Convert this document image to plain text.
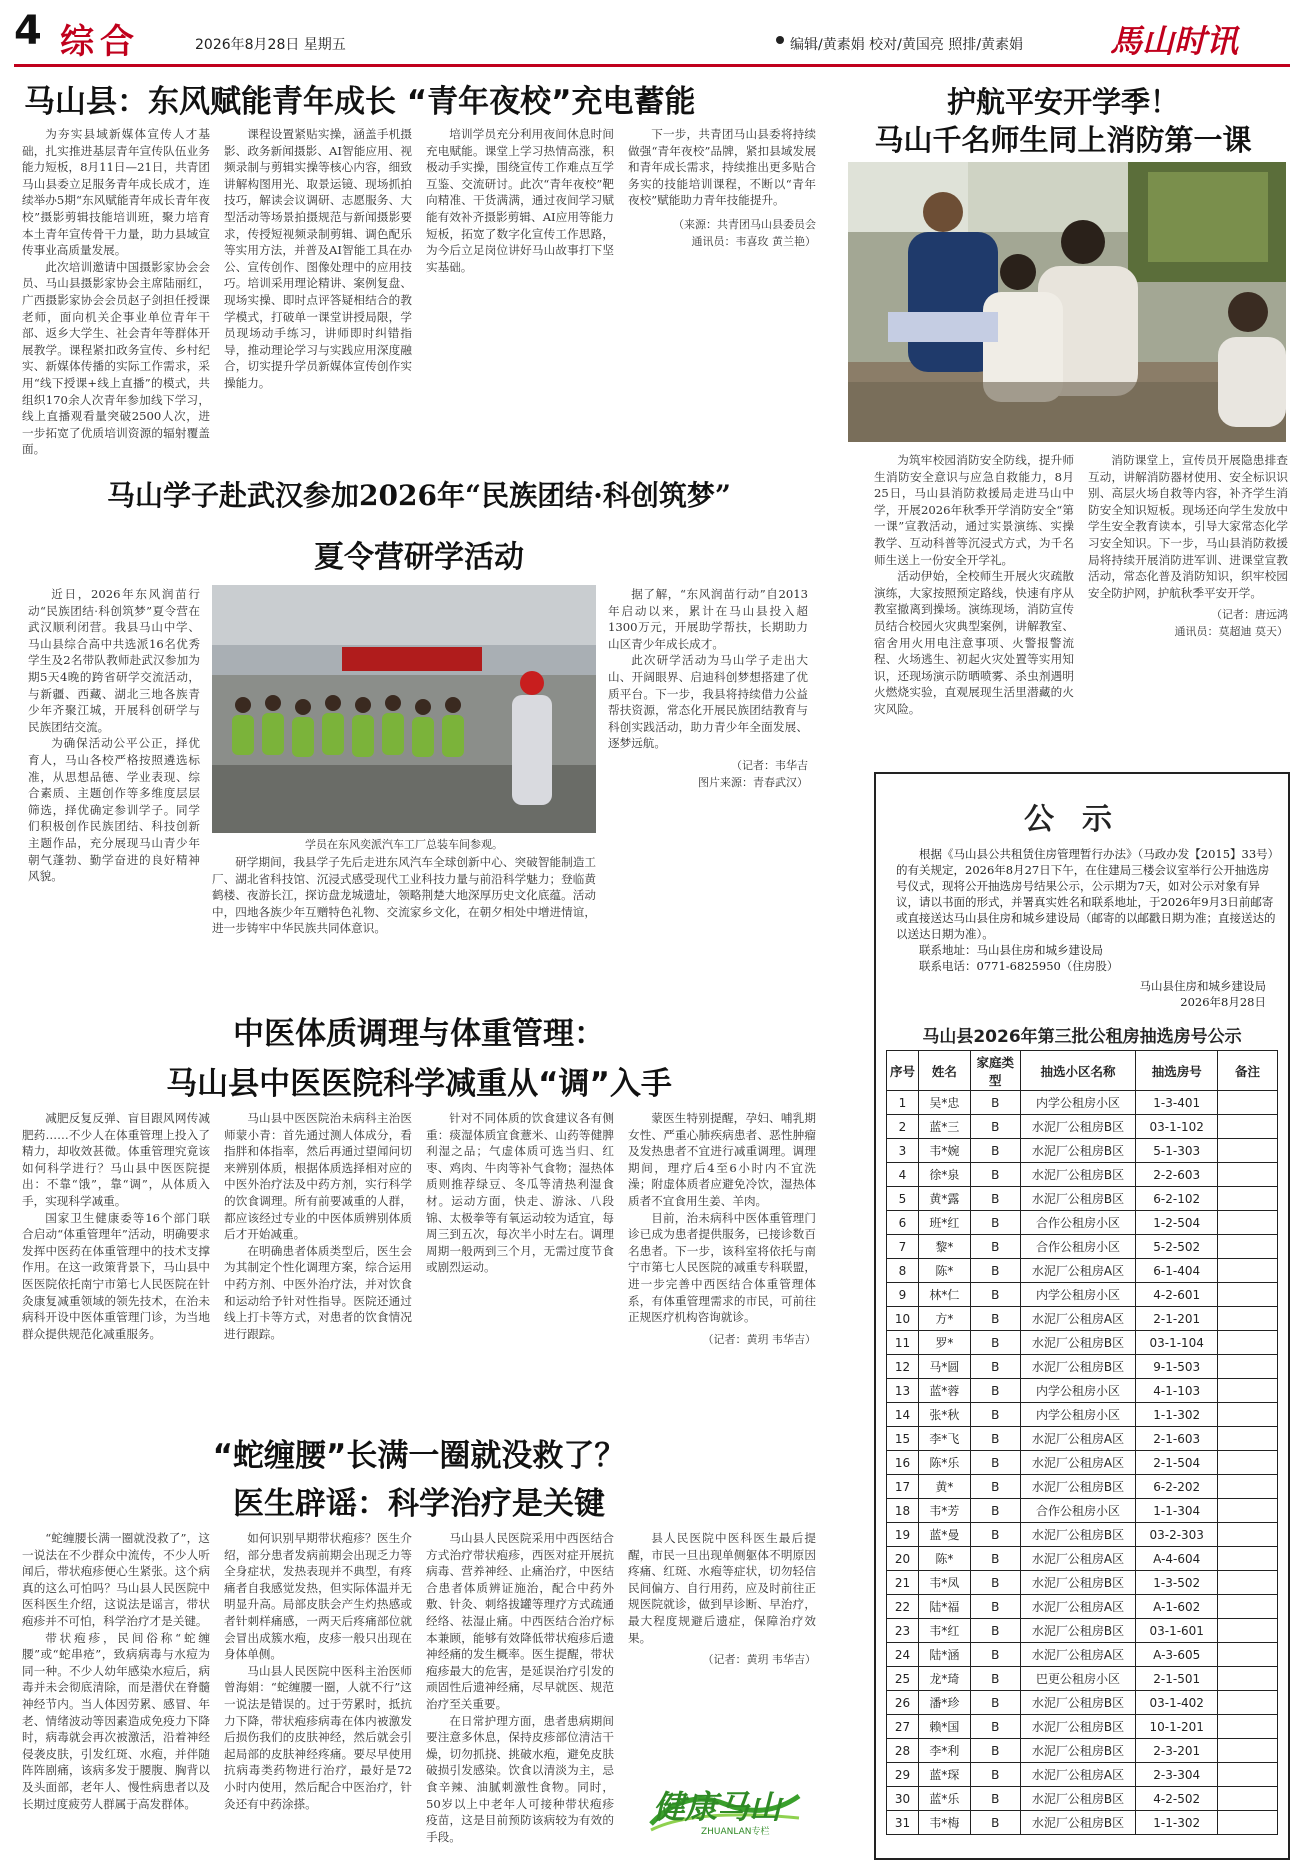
4 综合	2026年8月28日 星期五	编辑/黄素娟 校对/黄国亮 照排/黄素娟	馬山时讯
马山县：东风赋能青年成长 “青年夜校”充电蓄能

为夯实县域新媒体宣传人才基础，扎实推进基层青年宣传队伍业务能力短板，8月11日—21日，共青团马山县委立足服务青年成长成才，连续举办5期“东风赋能青年成长青年夜校”摄影剪辑技能培训班，聚力培育本土青年宣传骨干力量，助力县域宣传事业高质量发展。

此次培训邀请中国摄影家协会会员、马山县摄影家协会主席陆丽红，广西摄影家协会会员赵子剑担任授课老师，面向机关企事业单位青年干部、返乡大学生、社会青年等群体开展教学。课程紧扣政务宣传、乡村纪实、新媒体传播的实际工作需求，采用“线下授课+线上直播”的模式，共组织170余人次青年参加线下学习，线上直播观看量突破2500人次，进一步拓宽了优质培训资源的辐射覆盖面。

课程设置紧贴实操，涵盖手机摄影、政务新闻摄影、AI智能应用、视频录制与剪辑实操等核心内容，细致讲解构图用光、取景运镜、现场抓拍技巧，解读会议调研、志愿服务、大型活动等场景拍摄规范与新闻摄影要求，传授短视频录制剪辑、调色配乐等实用方法，并普及AI智能工具在办公、宣传创作、图像处理中的应用技巧。培训采用理论精讲、案例复盘、现场实操、即时点评答疑相结合的教学模式，打破单一课堂讲授局限，学员现场动手练习，讲师即时纠错指导，推动理论学习与实践应用深度融合，切实提升学员新媒体宣传创作实操能力。

培训学员充分利用夜间休息时间充电赋能。课堂上学习热情高涨，积极动手实操，围绕宣传工作难点互学互鉴、交流研讨。此次“青年夜校”靶向精准、干货满满，通过夜间学习赋能有效补齐摄影剪辑、AI应用等能力短板，拓宽了数字化宣传工作思路，为今后立足岗位讲好马山故事打下坚实基础。

下一步，共青团马山县委将持续做强“青年夜校”品牌，紧扣县域发展和青年成长需求，持续推出更多贴合务实的技能培训课程，不断以“青年夜校”赋能助力青年技能提升。

（来源：共青团马山县委员会
通讯员：韦喜玫 黄兰艳）
护航平安开学季！
马山千名师生同上消防第一课

为筑牢校园消防安全防线，提升师生消防安全意识与应急自救能力，8月25日，马山县消防救援局走进马山中学，开展2026年秋季开学消防安全“第一课”宣教活动，通过实景演练、实操教学、互动科普等沉浸式方式，为千名师生送上一份安全开学礼。

活动伊始，全校师生开展火灾疏散演练，大家按照预定路线，快速有序从教室撤离到操场。演练现场，消防宣传员结合校园火灾典型案例，讲解教室、宿舍用火用电注意事项、火警报警流程、火场逃生、初起火灾处置等实用知识，还现场演示防晒喷雾、杀虫剂遇明火燃烧实验，直观展现生活里潜藏的火灾风险。

消防课堂上，宣传员开展隐患排查互动，讲解消防器材使用、安全标识识别、高层火场自救等内容，补齐学生消防安全知识短板。现场还向学生发放中学生安全教育读本，引导大家常态化学习安全知识。下一步，马山县消防救援局将持续开展消防进军训、进课堂宣教活动，常态化普及消防知识，织牢校园安全防护网，护航秋季平安开学。

（记者：唐远鸿
通讯员：莫超迪 莫天）
马山学子赴武汉参加2026年“民族团结·科创筑梦”
夏令营研学活动
学员在东风奕派汽车工厂总装车间参观。

近日，2026年东风润苗行动“民族团结·科创筑梦”夏令营在武汉顺利闭营。我县马山中学、马山县综合高中共选派16名优秀学生及2名带队教师赴武汉参加为期5天4晚的跨省研学交流活动，与新疆、西藏、湖北三地各族青少年齐聚江城，开展科创研学与民族团结交流。

为确保活动公平公正，择优育人，马山各校严格按照遴选标准，从思想品德、学业表现、综合素质、主题创作等多维度层层筛选，择优确定参训学子。同学们积极创作民族团结、科技创新主题作品，充分展现马山青少年朝气蓬勃、勤学奋进的良好精神风貌。

研学期间，我县学子先后走进东风汽车全球创新中心、突破智能制造工厂、湖北省科技馆、沉浸式感受现代工业科技力量与前沿科学魅力；登临黄鹤楼、夜游长江，探访盘龙城遗址，领略荆楚大地深厚历史文化底蕴。活动中，四地各族少年互赠特色礼物、交流家乡文化，在朝夕相处中增进情谊，进一步铸牢中华民族共同体意识。

据了解，“东风润苗行动”自2013年启动以来，累计在马山县投入超1300万元，开展助学帮扶，长期助力山区青少年成长成才。

此次研学活动为马山学子走出大山、开阔眼界、启迪科创梦想搭建了优质平台。下一步，我县将持续借力公益帮扶资源，常态化开展民族团结教育与科创实践活动，助力青少年全面发展、逐梦远航。

（记者：韦华吉
图片来源：青春武汉）
中医体质调理与体重管理：
马山县中医医院科学减重从“调”入手

减肥反复反弹、盲目跟风网传减肥药……不少人在体重管理上投入了精力，却收效甚微。体重管理究竟该如何科学进行？马山县中医医院提出：不靠“饿”，靠“调”，从体质入手，实现科学减重。

国家卫生健康委等16个部门联合启动“体重管理年”活动，明确要求发挥中医药在体重管理中的技术支撑作用。在这一政策背景下，马山县中医医院依托南宁市第七人民医院在针灸康复减重领域的领先技术，在治未病科开设中医体重管理门诊，为当地群众提供规范化减重服务。

马山县中医医院治未病科主治医师蒙小青：首先通过测人体成分，看指胖和体指率，然后再通过望闻问切来辨别体质，根据体质选择相对应的中医外治疗法及中药方剂，实行科学的饮食调理。所有前要减重的人群，都应该经过专业的中医体质辨别体质后才开始减重。

在明确患者体质类型后，医生会为其制定个性化调理方案，综合运用中药方剂、中医外治疗法，并对饮食和运动给予针对性指导。医院还通过线上打卡等方式，对患者的饮食情况进行跟踪。

针对不同体质的饮食建议各有侧重：痰湿体质宜食薏米、山药等健脾利湿之品；气虚体质可选当归、红枣、鸡肉、牛肉等补气食物；湿热体质则推荐绿豆、冬瓜等清热利湿食材。运动方面，快走、游泳、八段锦、太极拳等有氧运动较为适宜，每周三到五次，每次半小时左右。调理周期一般两到三个月，无需过度节食或剧烈运动。

蒙医生特别提醒，孕妇、哺乳期女性、严重心肺疾病患者、恶性肿瘤及发热患者不宜进行减重调理。调理期间，理疗后4至6小时内不宜洗澡；附虚体质者应避免冷饮，湿热体质者不宜食用生姜、羊肉。

目前，治未病科中医体重管理门诊已成为患者提供服务，已接诊数百名患者。下一步，该科室将依托与南宁市第七人民医院的减重专科联盟，进一步完善中西医结合体重管理体系，有体重管理需求的市民，可前往正规医疗机构咨询就诊。

（记者：黄玥 韦华吉）
“蛇缠腰”长满一圈就没救了？
医生辟谣：科学治疗是关键

“蛇缠腰长满一圈就没救了”，这一说法在不少群众中流传，不少人听闻后，带状疱疹便心生紧张。这个病真的这么可怕吗？马山县人民医院中医科医生介绍，这说法是谣言，带状疱疹并不可怕，科学治疗才是关键。

带状疱疹，民间俗称“蛇缠腰”或“蛇串疮”，致病病毒与水痘为同一种。不少人幼年感染水痘后，病毒并未会彻底清除，而是潜伏在脊髓神经节内。当人体因劳累、感冒、年老、情绪波动等因素造成免疫力下降时，病毒就会再次被激活，沿着神经侵袭皮肤，引发红斑、水疱，并伴随阵阵剧痛，该病多发于腰腹、胸背以及头面部，老年人、慢性病患者以及长期过度疲劳人群属于高发群体。

如何识别早期带状疱疹？医生介绍，部分患者发病前期会出现乏力等全身症状，发热表现并不典型，有疼痛者自我感觉发热，但实际体温并无明显升高。局部皮肤会产生灼热感或者针刺样痛感，一两天后疼痛部位就会冒出成簇水疱，皮疹一般只出现在身体单侧。

马山县人民医院中医科主治医师曾海娟：“蛇缠腰一圈，人就不行”这一说法是错误的。过于劳累时，抵抗力下降，带状疱疹病毒在体内被激发后损伤我们的皮肤神经，然后就会引起局部的皮肤神经疼痛。要尽早使用抗病毒类药物进行治疗，最好是72小时内使用，然后配合中医治疗，针灸还有中药涂搽。

马山县人民医院采用中西医结合方式治疗带状疱疹，西医对症开展抗病毒、营养神经、止痛治疗，中医结合患者体质辨证施治，配合中药外敷、针灸、刺络拔罐等理疗方式疏通经络、祛湿止痛。中西医结合治疗标本兼顾，能够有效降低带状疱疹后遗神经痛的发生概率。医生提醒，带状疱疹最大的危害，是延误治疗引发的顽固性后遗神经痛，尽早就医、规范治疗至关重要。

在日常护理方面，患者患病期间要注意多休息，保持皮疹部位清洁干燥，切勿抓挠、挑破水疱，避免皮肤破损引发感染。饮食以清淡为主，忌食辛辣、油腻刺激性食物。同时，50岁以上中老年人可接种带状疱疹疫苗，这是目前预防该病较为有效的手段。

县人民医院中医科医生最后提醒，市民一旦出现单侧躯体不明原因疼痛、红斑、水疱等症状，切勿轻信民间偏方、自行用药，应及时前往正规医院就诊，做到早诊断、早治疗，最大程度规避后遗症，保障治疗效果。

（记者：黄玥 韦华吉）
健康马山
ZHUANLAN专栏
公示

根据《马山县公共租赁住房管理暂行办法》（马政办发【2015】33号）的有关规定，2026年8月27日下午，在住建局三楼会议室举行公开抽选房号仪式，现将公开抽选房号结果公示，公示期为7天，如对公示对象有异议，请以书面的形式，并署真实姓名和联系地址，于2026年9月3日前邮寄或直接送达马山县住房和城乡建设局（邮寄的以邮戳日期为准；直接送达的以送达日期为准）。

联系地址：马山县住房和城乡建设局

联系电话：0771-6825950（住房股）

马山县住房和城乡建设局
2026年8月28日
马山县2026年第三批公租房抽选房号公示
序号	姓名	家庭类型	抽选小区名称	抽选房号	备注
1	吴*忠	B	内学公租房小区	1-3-401	
2	蓝*三	B	水泥厂公租房B区	03-1-102	
3	韦*婉	B	水泥厂公租房B区	5-1-303	
4	徐*泉	B	水泥厂公租房B区	2-2-603	
5	黄*露	B	水泥厂公租房B区	6-2-102	
6	班*红	B	合作公租房小区	1-2-504	
7	黎*	B	合作公租房小区	5-2-502	
8	陈*	B	水泥厂公租房A区	6-1-404	
9	林*仁	B	内学公租房小区	4-2-601	
10	方*	B	水泥厂公租房A区	2-1-201	
11	罗*	B	水泥厂公租房B区	03-1-104	
12	马*圆	B	水泥厂公租房B区	9-1-503	
13	蓝*蓉	B	内学公租房小区	4-1-103	
14	张*秋	B	内学公租房小区	1-1-302	
15	李*飞	B	水泥厂公租房A区	2-1-603	
16	陈*乐	B	水泥厂公租房A区	2-1-504	
17	黄*	B	水泥厂公租房B区	6-2-202	
18	韦*芳	B	合作公租房小区	1-1-304	
19	蓝*曼	B	水泥厂公租房B区	03-2-303	
20	陈*	B	水泥厂公租房A区	A-4-604	
21	韦*凤	B	水泥厂公租房B区	1-3-502	
22	陆*福	B	水泥厂公租房A区	A-1-602	
23	韦*红	B	水泥厂公租房B区	03-1-601	
24	陆*涵	B	水泥厂公租房A区	A-3-605	
25	龙*琦	B	巴更公租房小区	2-1-501	
26	潘*珍	B	水泥厂公租房B区	03-1-402	
27	赖*国	B	水泥厂公租房B区	10-1-201	
28	李*利	B	水泥厂公租房B区	2-3-201	
29	蓝*琛	B	水泥厂公租房A区	2-3-304	
30	蓝*乐	B	水泥厂公租房B区	4-2-502	
31	韦*梅	B	水泥厂公租房B区	1-1-302	
